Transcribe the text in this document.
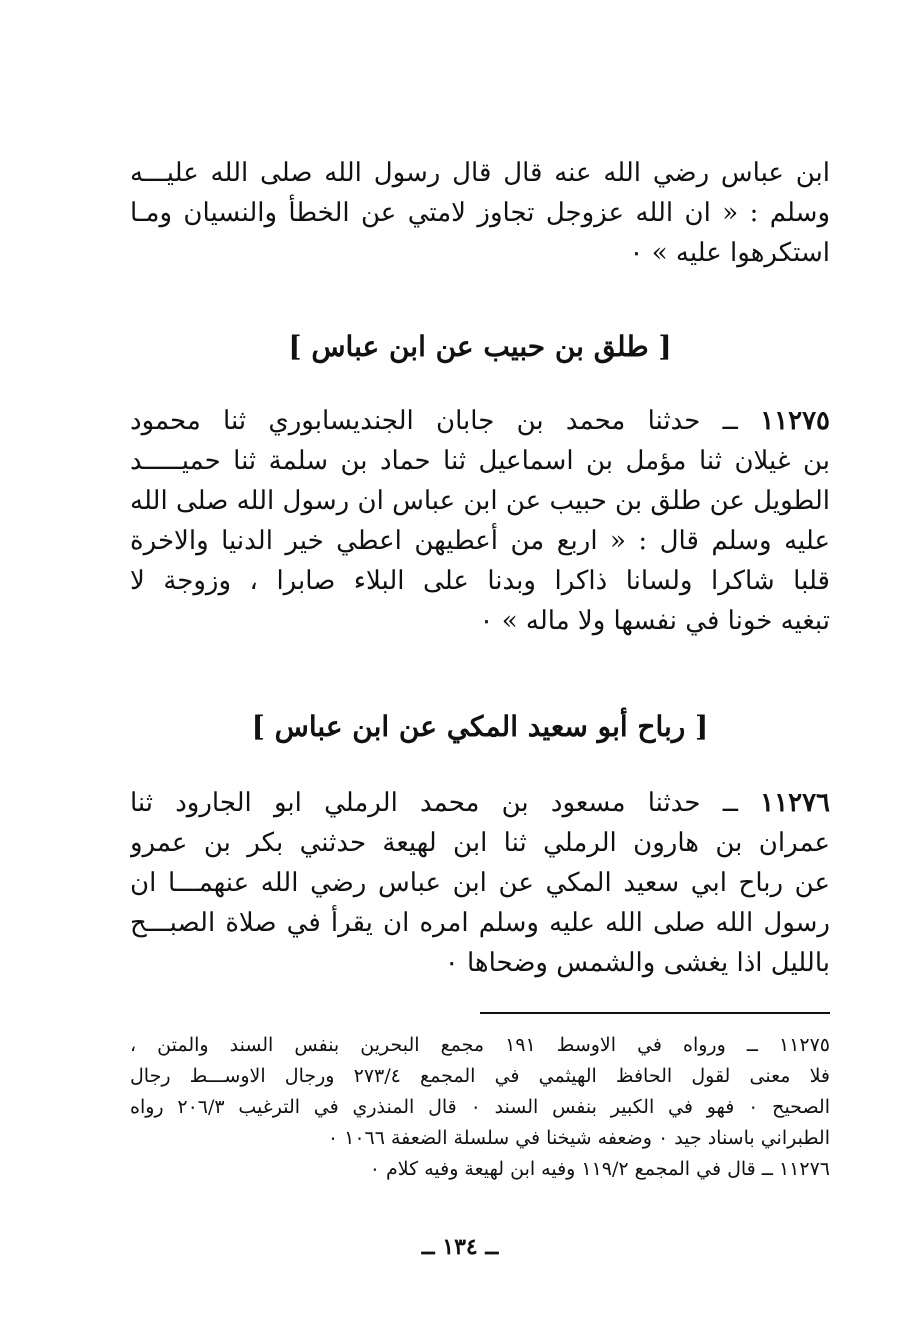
ابن عباس رضي الله عنه قال قال رسول الله صلى الله عليـــه
وسلم : « ان الله عزوجل تجاوز لامتي عن الخطأ والنسيان ومـا
استكرهوا عليه » ٠
[ طلق بن حبيب عن ابن عباس ]
١١٢٧٥ ــ حدثنا محمد بن جابان الجنديسابوري ثنا محمود
بن غيلان ثنا مؤمل بن اسماعيل ثنا حماد بن سلمة ثنا حميـــــد
الطويل عن طلق بن حبيب عن ابن عباس ان رسول الله صلى الله
عليه وسلم قال : « اربع من أعطيهن اعطي خير الدنيا والاخرة
قلبا شاكرا ولسانا ذاكرا وبدنا على البلاء صابرا ، وزوجة لا
تبغيه خونا في نفسها ولا ماله » ٠
[ رباح أبو سعيد المكي عن ابن عباس ]
١١٢٧٦ ــ حدثنا مسعود بن محمد الرملي ابو الجارود ثنا
عمران بن هارون الرملي ثنا ابن لهيعة حدثني بكر بن عمرو
عن رباح ابي سعيد المكي عن ابن عباس رضي الله عنهمـــا ان
رسول الله صلى الله عليه وسلم امره ان يقرأ في صلاة الصبـــح
بالليل اذا يغشى والشمس وضحاها ٠
١١٢٧٥ ــ ورواه في الاوسط ١٩١ مجمع البحرين بنفس السند والمتن ،
فلا معنى لقول الحافظ الهيثمي في المجمع ٢٧٣/٤ ورجال الاوســـط رجال
الصحيح ٠ فهو في الكبير بنفس السند ٠ قال المنذري في الترغيب ٢٠٦/٣ رواه
الطبراني باسناد جيد ٠ وضعفه شيخنا في سلسلة الضعفة ١٠٦٦ ٠
١١٢٧٦ ــ قال في المجمع ١١٩/٢ وفيه ابن لهيعة وفيه كلام ٠
ــ ١٣٤ ــ
